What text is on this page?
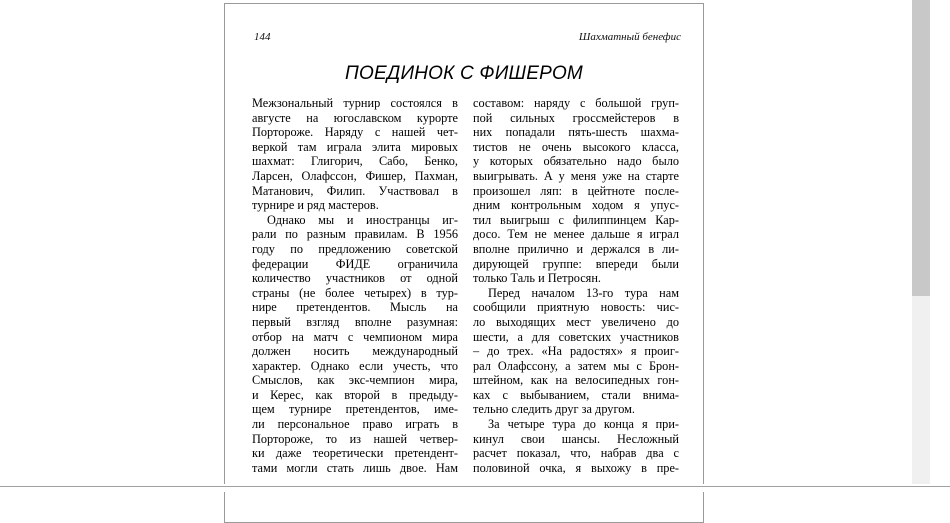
144	Шахматный бенефис
ПОЕДИНОК С ФИШЕРОМ
Межзональный турнир состоялся в
августе на югославском курорте
Портороже. Наряду с нашей чет-
веркой там играла элита мировых
шахмат: Глигорич, Сабо, Бенко,
Ларсен, Олафссон, Фишер, Пахман,
Матанович, Филип. Участвовал в
турнире и ряд мастеров.
Однако мы и иностранцы иг-
рали по разным правилам. В 1956
году по предложению советской
федерации ФИДЕ ограничила
количество участников от одной
страны (не более четырех) в тур-
нире претендентов. Мысль на
первый взгляд вполне разумная:
отбор на матч с чемпионом мира
должен носить международный
характер. Однако если учесть, что
Смыслов, как экс-чемпион мира,
и Керес, как второй в предыду-
щем турнире претендентов, име-
ли персональное право играть в
Портороже, то из нашей четвер-
ки даже теоретически претендент-
тами могли стать лишь двое. Нам
составом: наряду с большой груп-
пой сильных гроссмейстеров в
них попадали пять-шесть шахма-
тистов не очень высокого класса,
у которых обязательно надо было
выигрывать. А у меня уже на старте
произошел ляп: в цейтноте после-
дним контрольным ходом я упус-
тил выигрыш с филиппинцем Кар-
досо. Тем не менее дальше я играл
вполне прилично и держался в ли-
дирующей группе: впереди были
только Таль и Петросян.
Перед началом 13-го тура нам
сообщили приятную новость: чис-
ло выходящих мест увеличено до
шести, а для советских участников
– до трех. «На радостях» я проиг-
рал Олафссону, а затем мы с Брон-
штейном, как на велосипедных гон-
ках с выбыванием, стали внима-
тельно следить друг за другом.
За четыре тура до конца я при-
кинул свои шансы. Несложный
расчет показал, что, набрав два с
половиной очка, я выхожу в пре-
